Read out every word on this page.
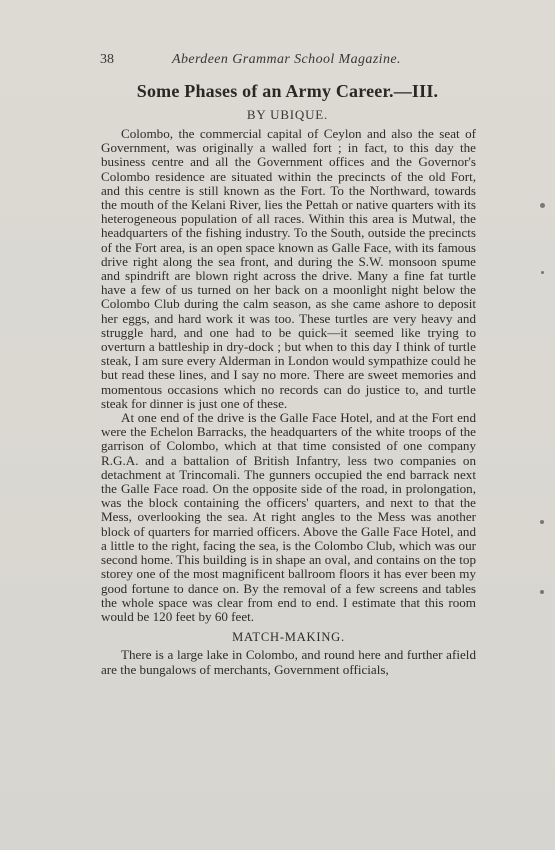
38	Aberdeen Grammar School Magazine.
Some Phases of an Army Career.—III.
BY UBIQUE.

Colombo, the commercial capital of Ceylon and also the seat of Government, was originally a walled fort ; in fact, to this day the business centre and all the Government offices and the Governor's Colombo residence are situated within the precincts of the old Fort, and this centre is still known as the Fort. To the Northward, towards the mouth of the Kelani River, lies the Pettah or native quarters with its heterogeneous population of all races. Within this area is Mutwal, the headquarters of the fishing industry. To the South, outside the precincts of the Fort area, is an open space known as Galle Face, with its famous drive right along the sea front, and during the S.W. monsoon spume and spindrift are blown right across the drive. Many a fine fat turtle have a few of us turned on her back on a moonlight night below the Colombo Club during the calm season, as she came ashore to deposit her eggs, and hard work it was too. These turtles are very heavy and struggle hard, and one had to be quick—it seemed like trying to overturn a battleship in dry-dock ; but when to this day I think of turtle steak, I am sure every Alderman in London would sympathize could he but read these lines, and I say no more. There are sweet memories and momentous occasions which no records can do justice to, and turtle steak for dinner is just one of these.

At one end of the drive is the Galle Face Hotel, and at the Fort end were the Echelon Barracks, the headquarters of the white troops of the garrison of Colombo, which at that time consisted of one company R.G.A. and a battalion of British Infantry, less two companies on detachment at Trincomali. The gunners occupied the end barrack next the Galle Face road. On the opposite side of the road, in prolongation, was the block containing the officers' quarters, and next to that the Mess, overlooking the sea. At right angles to the Mess was another block of quarters for married officers. Above the Galle Face Hotel, and a little to the right, facing the sea, is the Colombo Club, which was our second home. This building is in shape an oval, and contains on the top storey one of the most magnificent ballroom floors it has ever been my good fortune to dance on. By the removal of a few screens and tables the whole space was clear from end to end. I estimate that this room would be 120 feet by 60 feet.

MATCH-MAKING.

There is a large lake in Colombo, and round here and further afield are the bungalows of merchants, Government officials,
